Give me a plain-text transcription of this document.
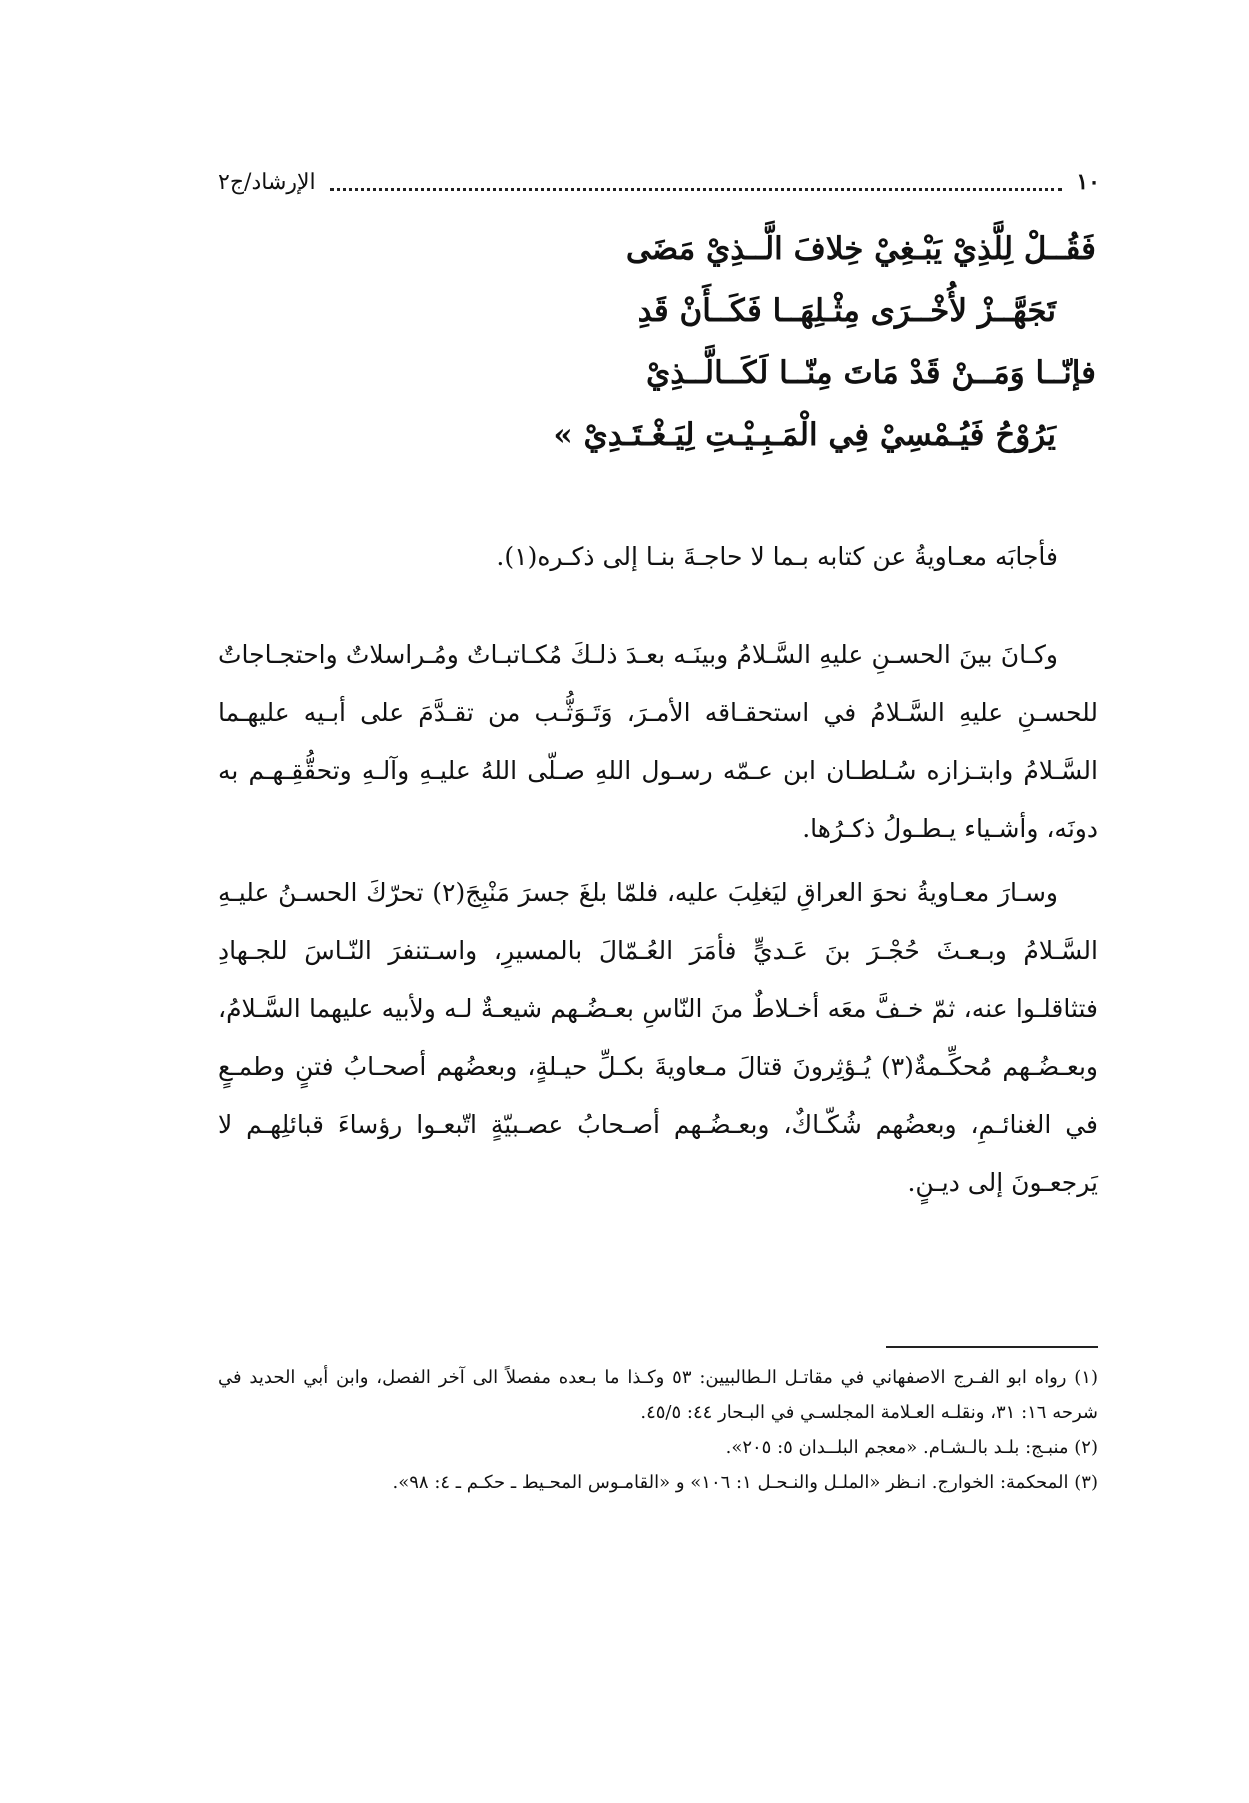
١٠
الإرشاد/ج٢
فَقُــلْ لِلَّذِيْ يَبْـغِيْ خِلافَ الَّــذِيْ مَضَى
تَجَهَّــزْ لأُخْــرَى مِثْـلِهَــا فَكَــأَنْ قَدِ
فإنّــا وَمَــنْ قَدْ مَاتَ مِنّــا لَكَــالَّــذِيْ
يَرُوْحُ فَيُـمْسِيْ فِي الْمَـبِـيْـتِ لِيَـغْـتَـدِيْ »

فأجابَه معـاويةُ عن كتابه بـما لا حاجـةَ بنـا إلى ذكـره(١).

وكـانَ بينَ الحسـنِ عليهِ السَّـلامُ وبينَـه بعـدَ ذلـكَ مُكـاتبـاتٌ ومُـراسلاتٌ واحتجـاجاتٌ للحسـنِ عليهِ السَّـلامُ في استحقـاقه الأمـرَ، وَتَـوَثُّـب من تقـدَّمَ على أبـيه عليهـما السَّـلامُ وابتـزازه سُـلطـان ابن عـمّه رسـول اللهِ صـلّى اللهُ عليـهِ وآلـهِ وتحقُّقِـهـم به دونَه، وأشـياء يـطـولُ ذكـرُها.

وسـارَ معـاويةُ نحوَ العراقِ ليَغلِبَ عليه، فلمّا بلغَ جسرَ مَنْبِجَ(٢) تحرّكَ الحسـنُ عليـهِ السَّـلامُ وبـعـثَ حُجْـرَ بنَ عَـديٍّ فأمَرَ العُـمّالَ بالمسيرِ، واسـتنفرَ النّـاسَ للجـهادِ فتثاقلـوا عنه، ثمّ خـفَّ معَه أخـلاطٌ منَ النّاسِ بعـضُـهم شيعـةٌ لـه ولأبيه عليهما السَّـلامُ، وبعـضُـهم مُحكِّـمةٌ(٣) يُـؤثِرونَ قتالَ مـعاويةَ بكـلِّ حيـلةٍ، وبعضُهم أصحـابُ فتنٍ وطمـعٍ في الغنائـمِ، وبعضُهم شُكّـاكٌ، وبعـضُـهم أصـحابُ عصـبيّةٍ اتّبعـوا رؤساءَ قبائلِهـم لا يَرجعـونَ إلى ديـنٍ.

(١) رواه ابو الفـرج الاصفهاني في مقاتـل الـطالبيين: ٥٣ وكـذا ما بـعده مفصلاً الى آخر الفصل، وابن أبي الحديد في شرحه ١٦: ٣١، ونقلـه العـلامة المجلسـي في البـحار ٤٤: ٤٥/٥.

(٢) منبـج: بلـد بالـشـام. «معجم البلــدان ٥: ٢٠٥».

(٣) المحكمة: الخوارج. انـظر «الملـل والنـحـل ١: ١٠٦» و «القامـوس المحـيط ـ حكـم ـ ٤: ٩٨».
